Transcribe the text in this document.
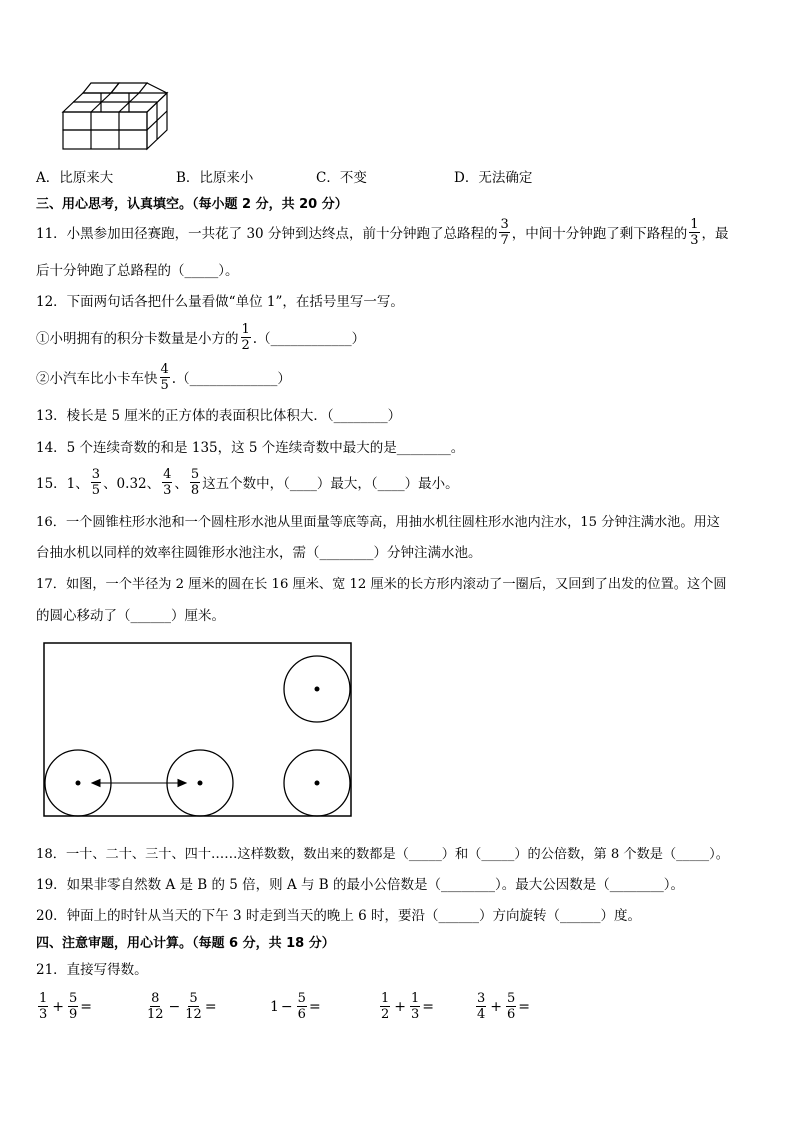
A．比原来大	B．比原来小	C．不变	D．无法确定
三、用心思考，认真填空。（每小题 2 分，共 20 分）
11．小黑参加田径赛跑，一共花了 30 分钟到达终点，前十分钟跑了总路程的 $\frac{3}{7}$ ，中间十分钟跑了剩下路程的 $\frac{1}{3}$ ，最
后十分钟跑了总路程的（_____）。
12．下面两句话各把什么量看做“单位 1”，在括号里写一写。
①小明拥有的积分卡数量是小方的 $\frac{1}{2}$ .（____________）
②小汽车比小卡车快 $\frac{4}{5}$ .（_____________）
13．棱长是 5 厘米的正方体的表面积比体积大．（________）
14．5 个连续奇数的和是 135，这 5 个连续奇数中最大的是________。
15．1、 $\frac{3}{5}$ 、0.32、 $\frac{4}{3}$ 、 $\frac{5}{8}$ 这五个数中，（____）最大，（____）最小。
16．一个圆锥柱形水池和一个圆柱形水池从里面量等底等高，用抽水机往圆柱形水池内注水，15 分钟注满水池。用这
台抽水机以同样的效率往圆锥形水池注水，需（________）分钟注满水池。
17．如图，一个半径为 2 厘米的圆在长 16 厘米、宽 12 厘米的长方形内滚动了一圈后，又回到了出发的位置。这个圆
的圆心移动了（______）厘米。
18．一十、二十、三十、四十……这样数数，数出来的数都是（_____）和（_____）的公倍数，第 8 个数是（_____）。
19．如果非零自然数 A 是 B 的 5 倍，则 A 与 B 的最小公倍数是（________）。最大公因数是（________）。
20．钟面上的时针从当天的下午 3 时走到当天的晚上 6 时，要沿（______）方向旋转（______）度。
四、注意审题，用心计算。（每题 6 分，共 18 分）
21．直接写得数。
$\frac{1}{3} + \frac{5}{9}$ =	$\frac{8}{12} - \frac{5}{12}$ =	$1 - \frac{5}{6}$ =	$\frac{1}{2} + \frac{1}{3}$ =	$\frac{3}{4} + \frac{5}{6}$ =
